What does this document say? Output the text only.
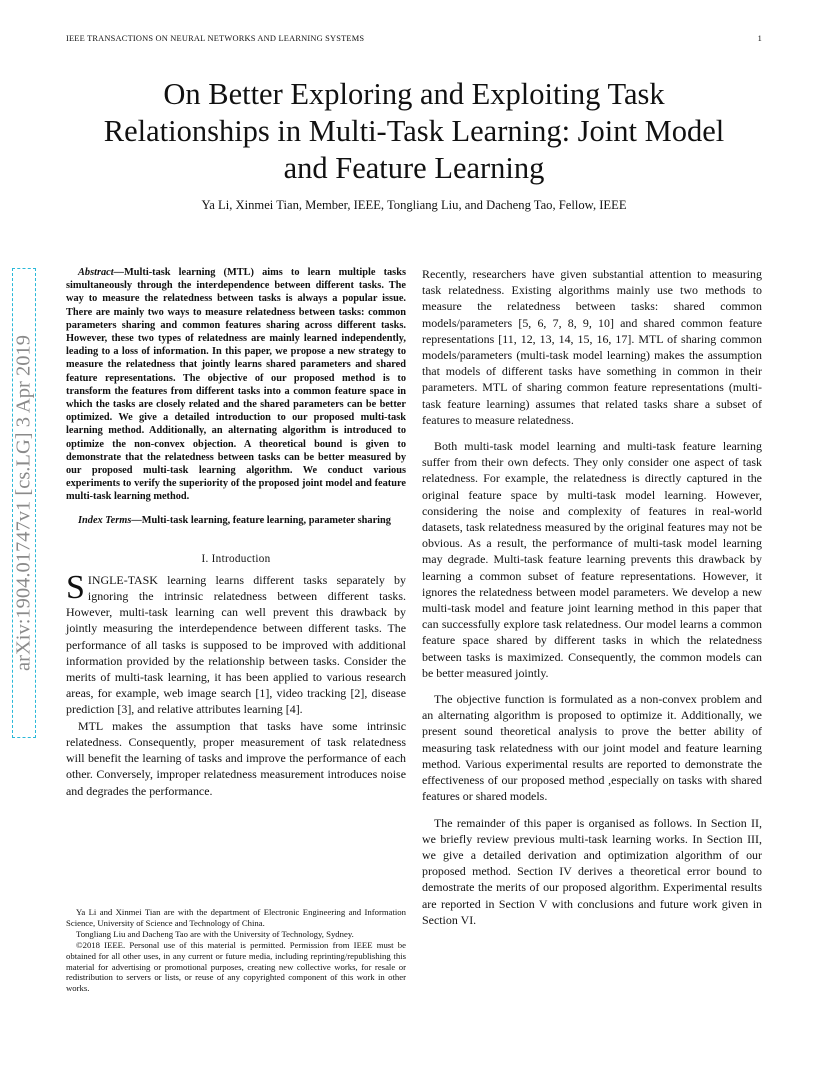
IEEE TRANSACTIONS ON NEURAL NETWORKS AND LEARNING SYSTEMS	1
On Better Exploring and Exploiting Task
Relationships in Multi-Task Learning: Joint Model
and Feature Learning
Ya Li, Xinmei Tian, Member, IEEE, Tongliang Liu, and Dacheng Tao, Fellow, IEEE
arXiv:1904.01747v1 [cs.LG] 3 Apr 2019
Abstract—Multi-task learning (MTL) aims to learn multiple tasks simultaneously through the interdependence between different tasks. The way to measure the relatedness between tasks is always a popular issue. There are mainly two ways to measure relatedness between tasks: common parameters sharing and common features sharing across different tasks. However, these two types of relatedness are mainly learned independently, leading to a loss of information. In this paper, we propose a new strategy to measure the relatedness that jointly learns shared parameters and shared feature representations. The objective of our proposed method is to transform the features from different tasks into a common feature space in which the tasks are closely related and the shared parameters can be better optimized. We give a detailed introduction to our proposed multi-task learning method. Additionally, an alternating algorithm is introduced to optimize the non-convex objection. A theoretical bound is given to demonstrate that the relatedness between tasks can be better measured by our proposed multi-task learning algorithm. We conduct various experiments to verify the superiority of the proposed joint model and feature multi-task learning method.
Index Terms—Multi-task learning, feature learning, parameter sharing
I. Introduction

SINGLE-TASK learning learns different tasks separately by ignoring the intrinsic relatedness between different tasks. However, multi-task learning can well prevent this drawback by jointly measuring the interdependence between different tasks. The performance of all tasks is supposed to be improved with additional information provided by the relationship between tasks. Consider the merits of multi-task learning, it has been applied to various research areas, for example, web image search [1], video tracking [2], disease prediction [3], and relative attributes learning [4].

MTL makes the assumption that tasks have some intrinsic relatedness. Consequently, proper measurement of task relatedness will benefit the learning of tasks and improve the performance of each other. Conversely, improper relatedness measurement introduces noise and degrades the performance.

Recently, researchers have given substantial attention to measuring task relatedness. Existing algorithms mainly use two methods to measure the relatedness between tasks: shared common models/parameters [5, 6, 7, 8, 9, 10] and shared common feature representations [11, 12, 13, 14, 15, 16, 17]. MTL of sharing common models/parameters (multi-task model learning) makes the assumption that models of different tasks have something in common in their parameters. MTL of sharing common feature representations (multi-task feature learning) assumes that related tasks share a subset of features to measure relatedness.

Both multi-task model learning and multi-task feature learning suffer from their own defects. They only consider one aspect of task relatedness. For example, the relatedness is directly captured in the original feature space by multi-task model learning. However, considering the noise and complexity of features in real-world datasets, task relatedness measured by the original features may not be obvious. As a result, the performance of multi-task model learning may degrade. Multi-task feature learning prevents this drawback by learning a common subset of feature representations. However, it ignores the relatedness between model parameters. We develop a new multi-task model and feature joint learning method in this paper that can successfully explore task relatedness. Our model learns a common feature space shared by different tasks in which the relatedness between tasks is maximized. Consequently, the common models can be better measured jointly.

The objective function is formulated as a non-convex problem and an alternating algorithm is proposed to optimize it. Additionally, we present sound theoretical analysis to prove the better ability of measuring task relatedness with our joint model and feature learning method. Various experimental results are reported to demonstrate the effectiveness of our proposed method ,especially on tasks with shared features or shared models.

The remainder of this paper is organised as follows. In Section II, we briefly review previous multi-task learning works. In Section III, we give a detailed derivation and optimization algorithm of our proposed method. Section IV derives a theoretical error bound to demostrate the merits of our proposed algorithm. Experimental results are reported in Section V with conclusions and future work given in Section VI.

Ya Li and Xinmei Tian are with the department of Electronic Engineering and Information Science, University of Science and Technology of China.
Tongliang Liu and Dacheng Tao are with the University of Technology, Sydney.
©2018 IEEE. Personal use of this material is permitted. Permission from IEEE must be obtained for all other uses, in any current or future media, including reprinting/republishing this material for advertising or promotional purposes, creating new collective works, for resale or redistribution to servers or lists, or reuse of any copyrighted component of this work in other works.
